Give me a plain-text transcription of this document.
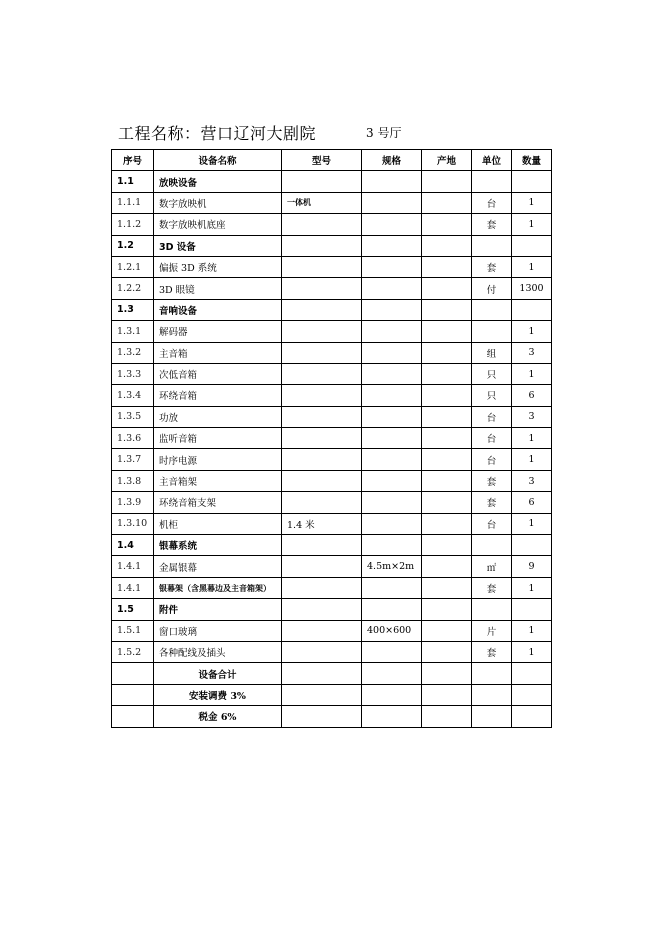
工程名称：营口辽河大剧院	3 号厅
序号	设备名称	型号	规格	产地	单位	数量
1.1	放映设备					
1.1.1	数字放映机	一体机			台	1
1.1.2	数字放映机底座				套	1
1.2	3D 设备					
1.2.1	偏振 3D 系统				套	1
1.2.2	3D 眼镜				付	1300
1.3	音响设备					
1.3.1	解码器					1
1.3.2	主音箱				组	3
1.3.3	次低音箱				只	1
1.3.4	环绕音箱				只	6
1.3.5	功放				台	3
1.3.6	监听音箱				台	1
1.3.7	时序电源				台	1
1.3.8	主音箱架				套	3
1.3.9	环绕音箱支架				套	6
1.3.10	机柜	1.4 米			台	1
1.4	银幕系统					
1.4.1	金属银幕		4.5m×2m		㎡	9
1.4.1	银幕架（含黑幕边及主音箱架）				套	1
1.5	附件					
1.5.1	窗口玻璃		400×600		片	1
1.5.2	各种配线及插头				套	1
	设备合计					
	安装调费 3%					
	税金 6%					
